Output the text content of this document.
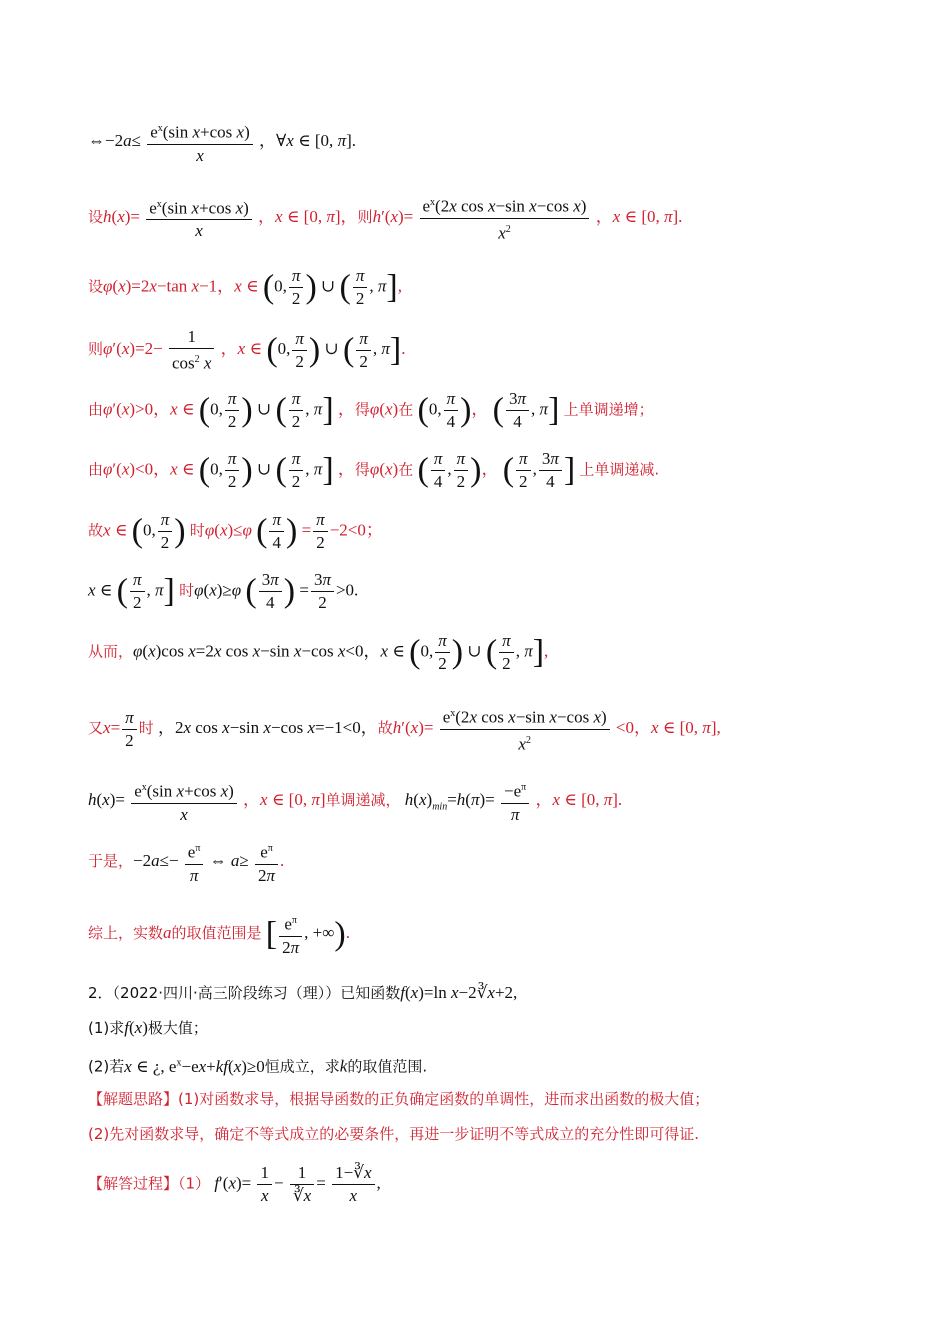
⇔−2a≤ $\frac{e^x(\sin x+\cos x)}{x}$ ，∀x ∈ [0, π].
设$h(x)= \frac{e^x(\sin x+\cos x)}{x}$ ，x ∈ [0, π]，则$h'(x)= \frac{e^x(2x \cos x-\sin x-\cos x)}{x^2}$ ，x ∈ [0, π].
设φ(x)=2x−tan x−1，x ∈ (0, $\frac{\pi}{2}$ ) ∪ ( $\frac{\pi}{2}$ , π],
则$\varphi'(x)=2- \frac{1}{\cos^2 x}$ ，x ∈ (0, $\frac{\pi}{2}$ ) ∪ ( $\frac{\pi}{2}$ , π].
由φ′(x)>0，x ∈ (0, $\frac{\pi}{2}$ ) ∪ ( $\frac{\pi}{2}$ , π] ，得φ(x)在 (0, $\frac{\pi}{4}$ )， ( $\frac{3\pi}{4}$ , π] 上单调递增；
由φ′(x)<0，x ∈ (0, $\frac{\pi}{2}$ ) ∪ ( $\frac{\pi}{2}$ , π] ，得φ(x)在 ( $\frac{\pi}{4}$ , $\frac{\pi}{2}$ )， ( $\frac{\pi}{2}$ , $\frac{3\pi}{4}$ ] 上单调递减.
故x ∈ (0, $\frac{\pi}{2}$ ) 时φ(x)≤φ ( $\frac{\pi}{4}$ ) = $\frac{\pi}{2} -2<0$；
x ∈ ( $\frac{\pi}{2}$ , π] 时φ(x)≥φ ( $\frac{3\pi}{4}$ ) = $\frac{3\pi}{2} >0$.
从而，φ(x)cos x=2x cos x−sin x−cos x<0，x ∈ (0, $\frac{\pi}{2}$ ) ∪ ( $\frac{\pi}{2}$ , π],
又$x= \frac{\pi}{2}$ 时 ，2x cos x−sin x−cos x=−1<0，故$h'(x)= \frac{e^x(2x \cos x-\sin x-\cos x)}{x^2} <0$，x ∈ [0, π],
$h(x)= \frac{e^x(\sin x+\cos x)}{x}$ ，x ∈ [0, π]单调递减， $h(x)_{min}=h(\pi)= \frac{-e^\pi}{\pi}$ ，x ∈ [0, π].
于是，$-2a\le- \frac{e^\pi}{\pi}$ ⇔ $a\ge \frac{e^\pi}{2\pi}$ .
综上，实数a的取值范围是 [ $\frac{e^\pi}{2\pi}$ , +∞).
2．（2022·四川·高三阶段练习（理））已知函数f(x)=ln x−2∛x+2,
(1)求f(x)极大值；
(2)若x ∈ ¿, $e^x-ex+kf(x)\ge 0$恒成立，求k的取值范围.
【解题思路】(1)对函数求导，根据导函数的正负确定函数的单调性，进而求出函数的极大值；
(2)先对函数求导，确定不等式成立的必要条件，再进一步证明不等式成立的充分性即可得证.
【解答过程】（1） $f'(x)= \frac{1}{x} - \frac{1}{∛x} = \frac{1-∛x}{x}$ ,
